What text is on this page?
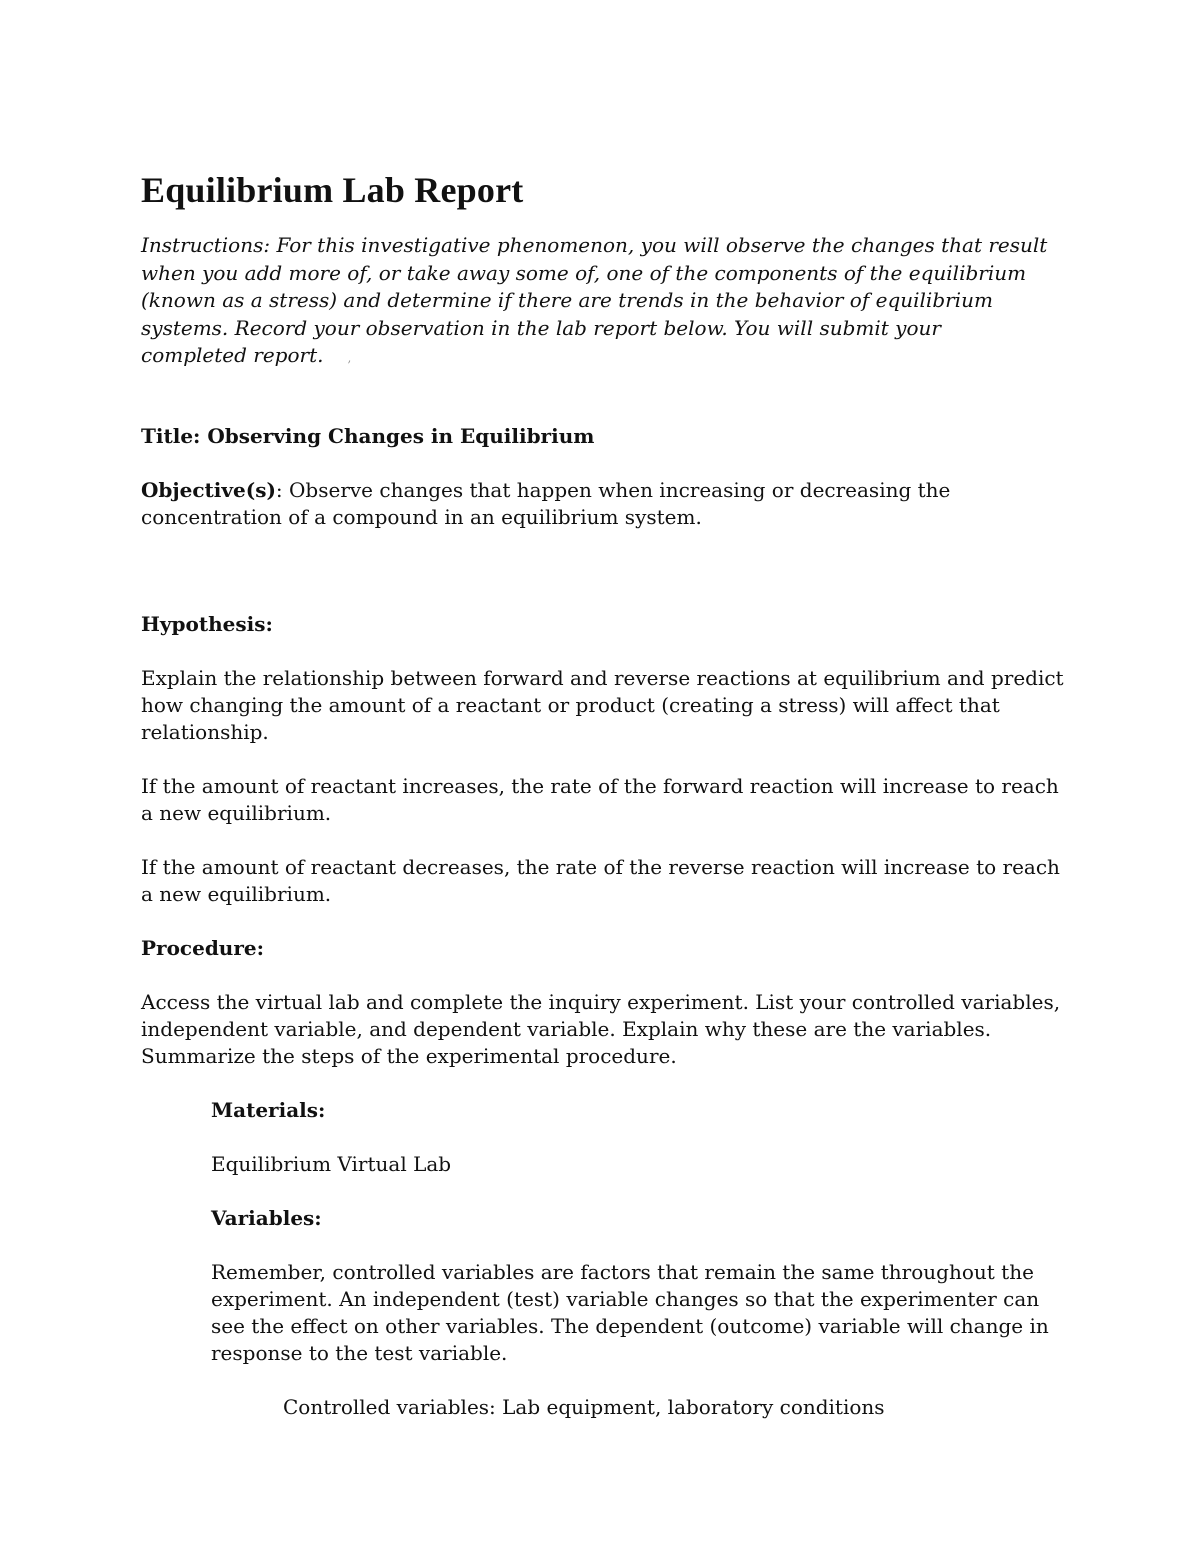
Equilibrium Lab Report

Instructions: For this investigative phenomenon, you will observe the changes that result when you add more of, or take away some of, one of the components of the equilibrium (known as a stress) and determine if there are trends in the behavior of equilibrium systems. Record your observation in the lab report below. You will submit your completed report. ,

Title: Observing Changes in Equilibrium

Objective(s): Observe changes that happen when increasing or decreasing the concentration of a compound in an equilibrium system.

Hypothesis:

Explain the relationship between forward and reverse reactions at equilibrium and predict how changing the amount of a reactant or product (creating a stress) will affect that relationship.

If the amount of reactant increases, the rate of the forward reaction will increase to reach a new equilibrium.

If the amount of reactant decreases, the rate of the reverse reaction will increase to reach a new equilibrium.

Procedure:

Access the virtual lab and complete the inquiry experiment. List your controlled variables, independent variable, and dependent variable. Explain why these are the variables. Summarize the steps of the experimental procedure.

Materials:

Equilibrium Virtual Lab

Variables:

Remember, controlled variables are factors that remain the same throughout the experiment. An independent (test) variable changes so that the experimenter can see the effect on other variables. The dependent (outcome) variable will change in response to the test variable.

Controlled variables: Lab equipment, laboratory conditions
